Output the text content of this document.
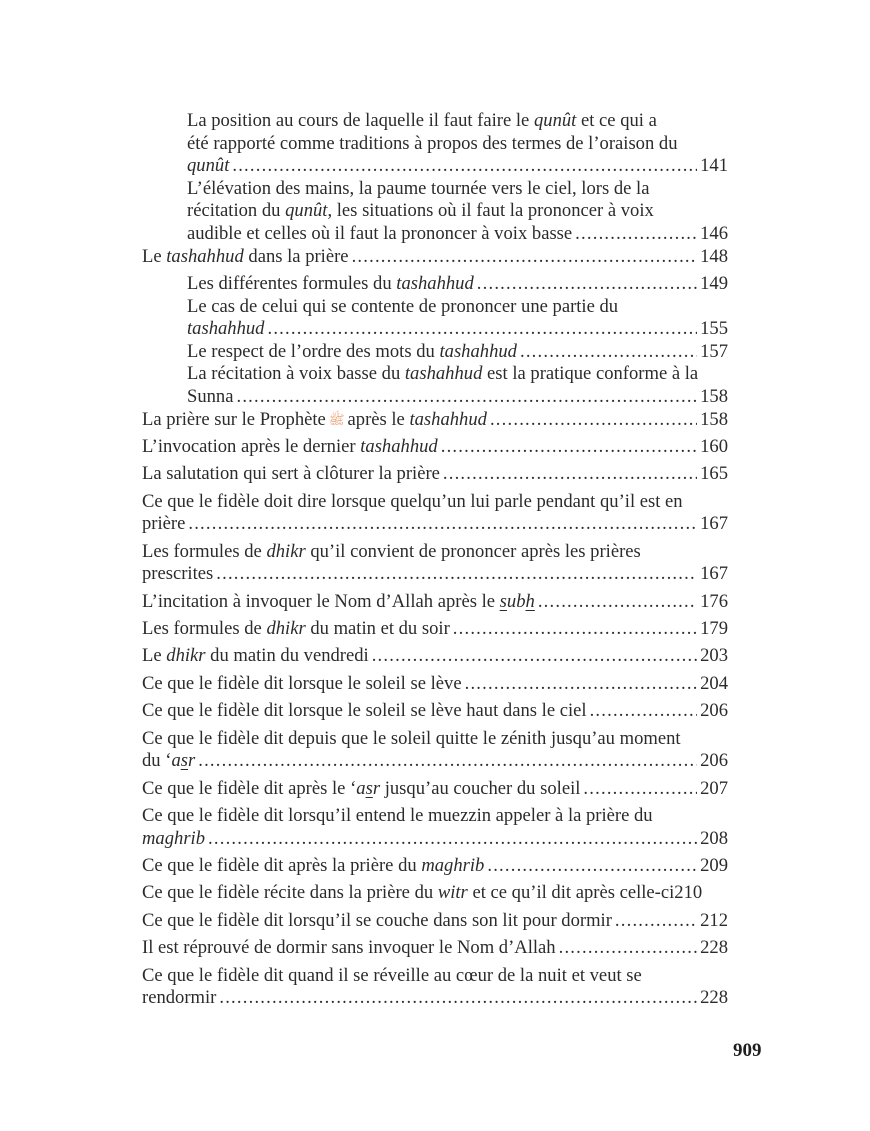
La position au cours de laquelle il faut faire le qunût et ce qui a
été rapporté comme traditions à propos des termes de l’oraison du
qunût .....	141
L’élévation des mains, la paume tournée vers le ciel, lors de la
récitation du qunût, les situations où il faut la prononcer à voix
audible et celles où il faut la prononcer à voix basse .....	146
Le tashahhud dans la prière .....	148
Les différentes formules du tashahhud .....	149
Le cas de celui qui se contente de prononcer une partie du
tashahhud .....	155
Le respect de l’ordre des mots du tashahhud .....	157
La récitation à voix basse du tashahhud est la pratique conforme à la
Sunna .....	158
La prière sur le Prophète ﷺ après le tashahhud .....	158
L’invocation après le dernier tashahhud .....	160
La salutation qui sert à clôturer la prière .....	165
Ce que le fidèle doit dire lorsque quelqu’un lui parle pendant qu’il est en
prière .....	167
Les formules de dhikr qu’il convient de prononcer après les prières
prescrites .....	167
L’incitation à invoquer le Nom d’Allah après le subh .....	176
Les formules de dhikr du matin et du soir .....	179
Le dhikr du matin du vendredi .....	203
Ce que le fidèle dit lorsque le soleil se lève .....	204
Ce que le fidèle dit lorsque le soleil se lève haut dans le ciel .....	206
Ce que le fidèle dit depuis que le soleil quitte le zénith jusqu’au moment
du ‘asr .....	206
Ce que le fidèle dit après le ‘asr jusqu’au coucher du soleil .....	207
Ce que le fidèle dit lorsqu’il entend le muezzin appeler à la prière du
maghrib .....	208
Ce que le fidèle dit après la prière du maghrib .....	209
Ce que le fidèle récite dans la prière du witr et ce qu’il dit après celle-ci 210
Ce que le fidèle dit lorsqu’il se couche dans son lit pour dormir .....	212
Il est réprouvé de dormir sans invoquer le Nom d’Allah .....	228
Ce que le fidèle dit quand il se réveille au cœur de la nuit et veut se
rendormir .....	228
909
